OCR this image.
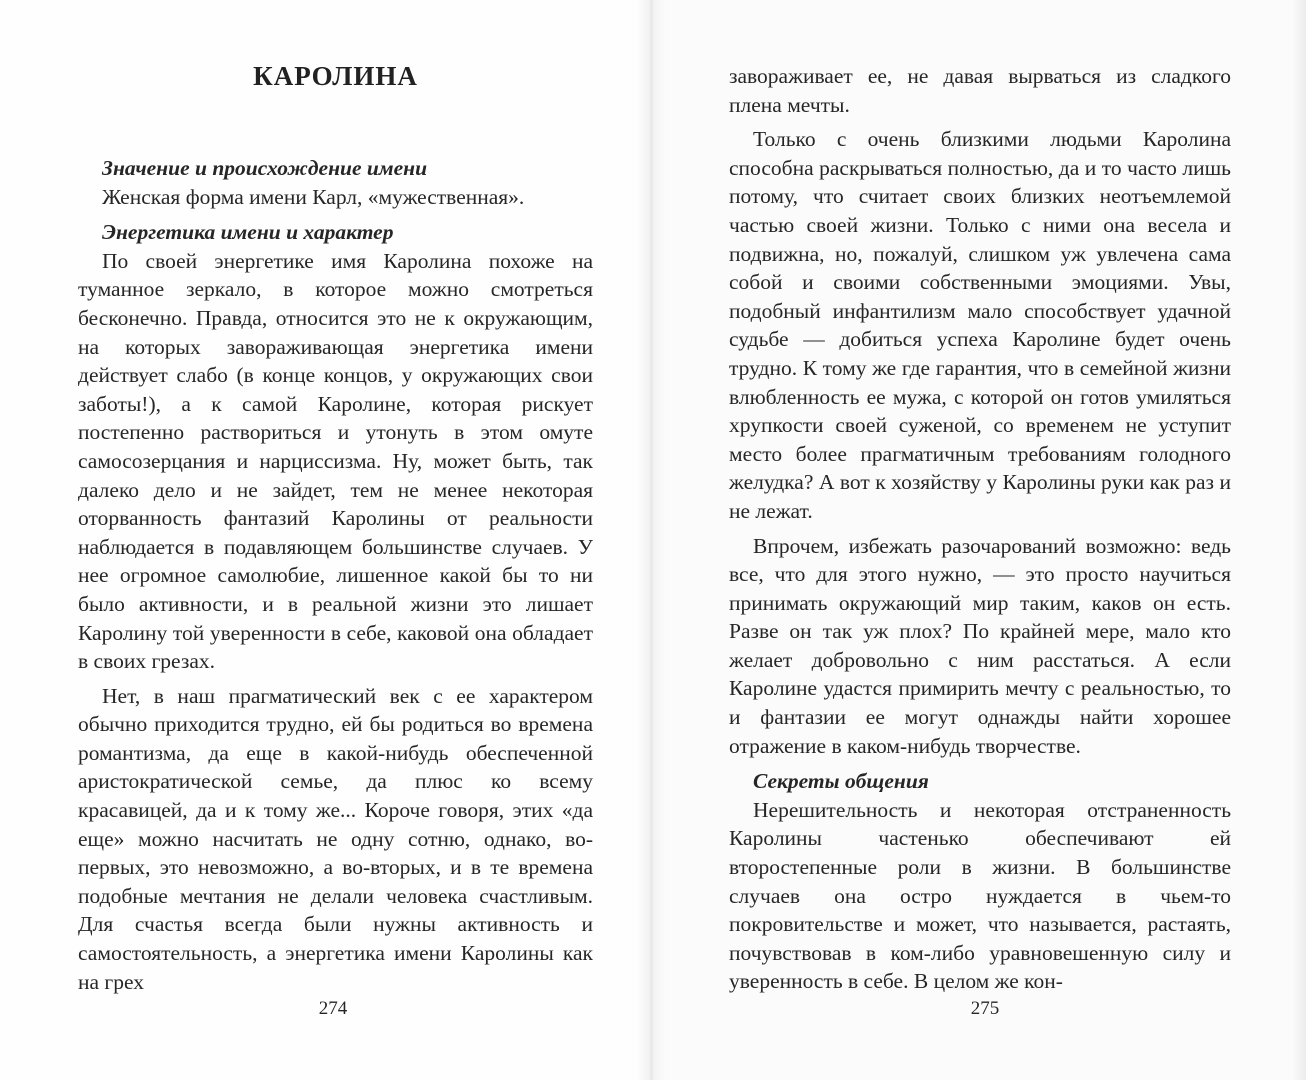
КАРОЛИНА
Значение и происхождение имени

Женская форма имени Карл, «мужественная».

Энергетика имени и характер

По своей энергетике имя Каролина похоже на туманное зеркало, в которое можно смотреться бесконечно. Правда, относится это не к окружающим, на которых завораживающая энергетика имени действует слабо (в конце концов, у окружающих свои заботы!), а к самой Каролине, которая рискует постепенно раствориться и утонуть в этом омуте самосозерцания и нарциссизма. Ну, может быть, так далеко дело и не зайдет, тем не менее некоторая оторванность фантазий Каролины от реальности наблюдается в подавляющем большинстве случаев. У нее огромное самолюбие, лишенное какой бы то ни было активности, и в реальной жизни это лишает Каролину той уверенности в себе, каковой она обладает в своих грезах.

Нет, в наш прагматический век с ее характером обычно приходится трудно, ей бы родиться во времена романтизма, да еще в какой-нибудь обеспеченной аристократической семье, да плюс ко всему красавицей, да и к тому же... Короче говоря, этих «да еще» можно насчитать не одну сотню, однако, во-первых, это невозможно, а во-вторых, и в те времена подобные мечтания не делали человека счастливым. Для счастья всегда были нужны активность и самостоятельность, а энергетика имени Каролины как на грех

274

завораживает ее, не давая вырваться из сладкого плена мечты.

Только с очень близкими людьми Каролина способна раскрываться полностью, да и то часто лишь потому, что считает своих близких неотъемлемой частью своей жизни. Только с ними она весела и подвижна, но, пожалуй, слишком уж увлечена сама собой и своими собственными эмоциями. Увы, подобный инфантилизм мало способствует удачной судьбе — добиться успеха Каролине будет очень трудно. К тому же где гарантия, что в семейной жизни влюбленность ее мужа, с которой он готов умиляться хрупкости своей суженой, со временем не уступит место более прагматичным требованиям голодного желудка? А вот к хозяйству у Каролины руки как раз и не лежат.

Впрочем, избежать разочарований возможно: ведь все, что для этого нужно, — это просто научиться принимать окружающий мир таким, каков он есть. Разве он так уж плох? По крайней мере, мало кто желает добровольно с ним расстаться. А если Каролине удастся примирить мечту с реальностью, то и фантазии ее могут однажды найти хорошее отражение в каком-нибудь творчестве.

Секреты общения

Нерешительность и некоторая отстраненность Каролины частенько обеспечивают ей второстепенные роли в жизни. В большинстве случаев она остро нуждается в чьем-то покровительстве и может, что называется, растаять, почувствовав в ком-либо уравновешенную силу и уверенность в себе. В целом же кон-

275
